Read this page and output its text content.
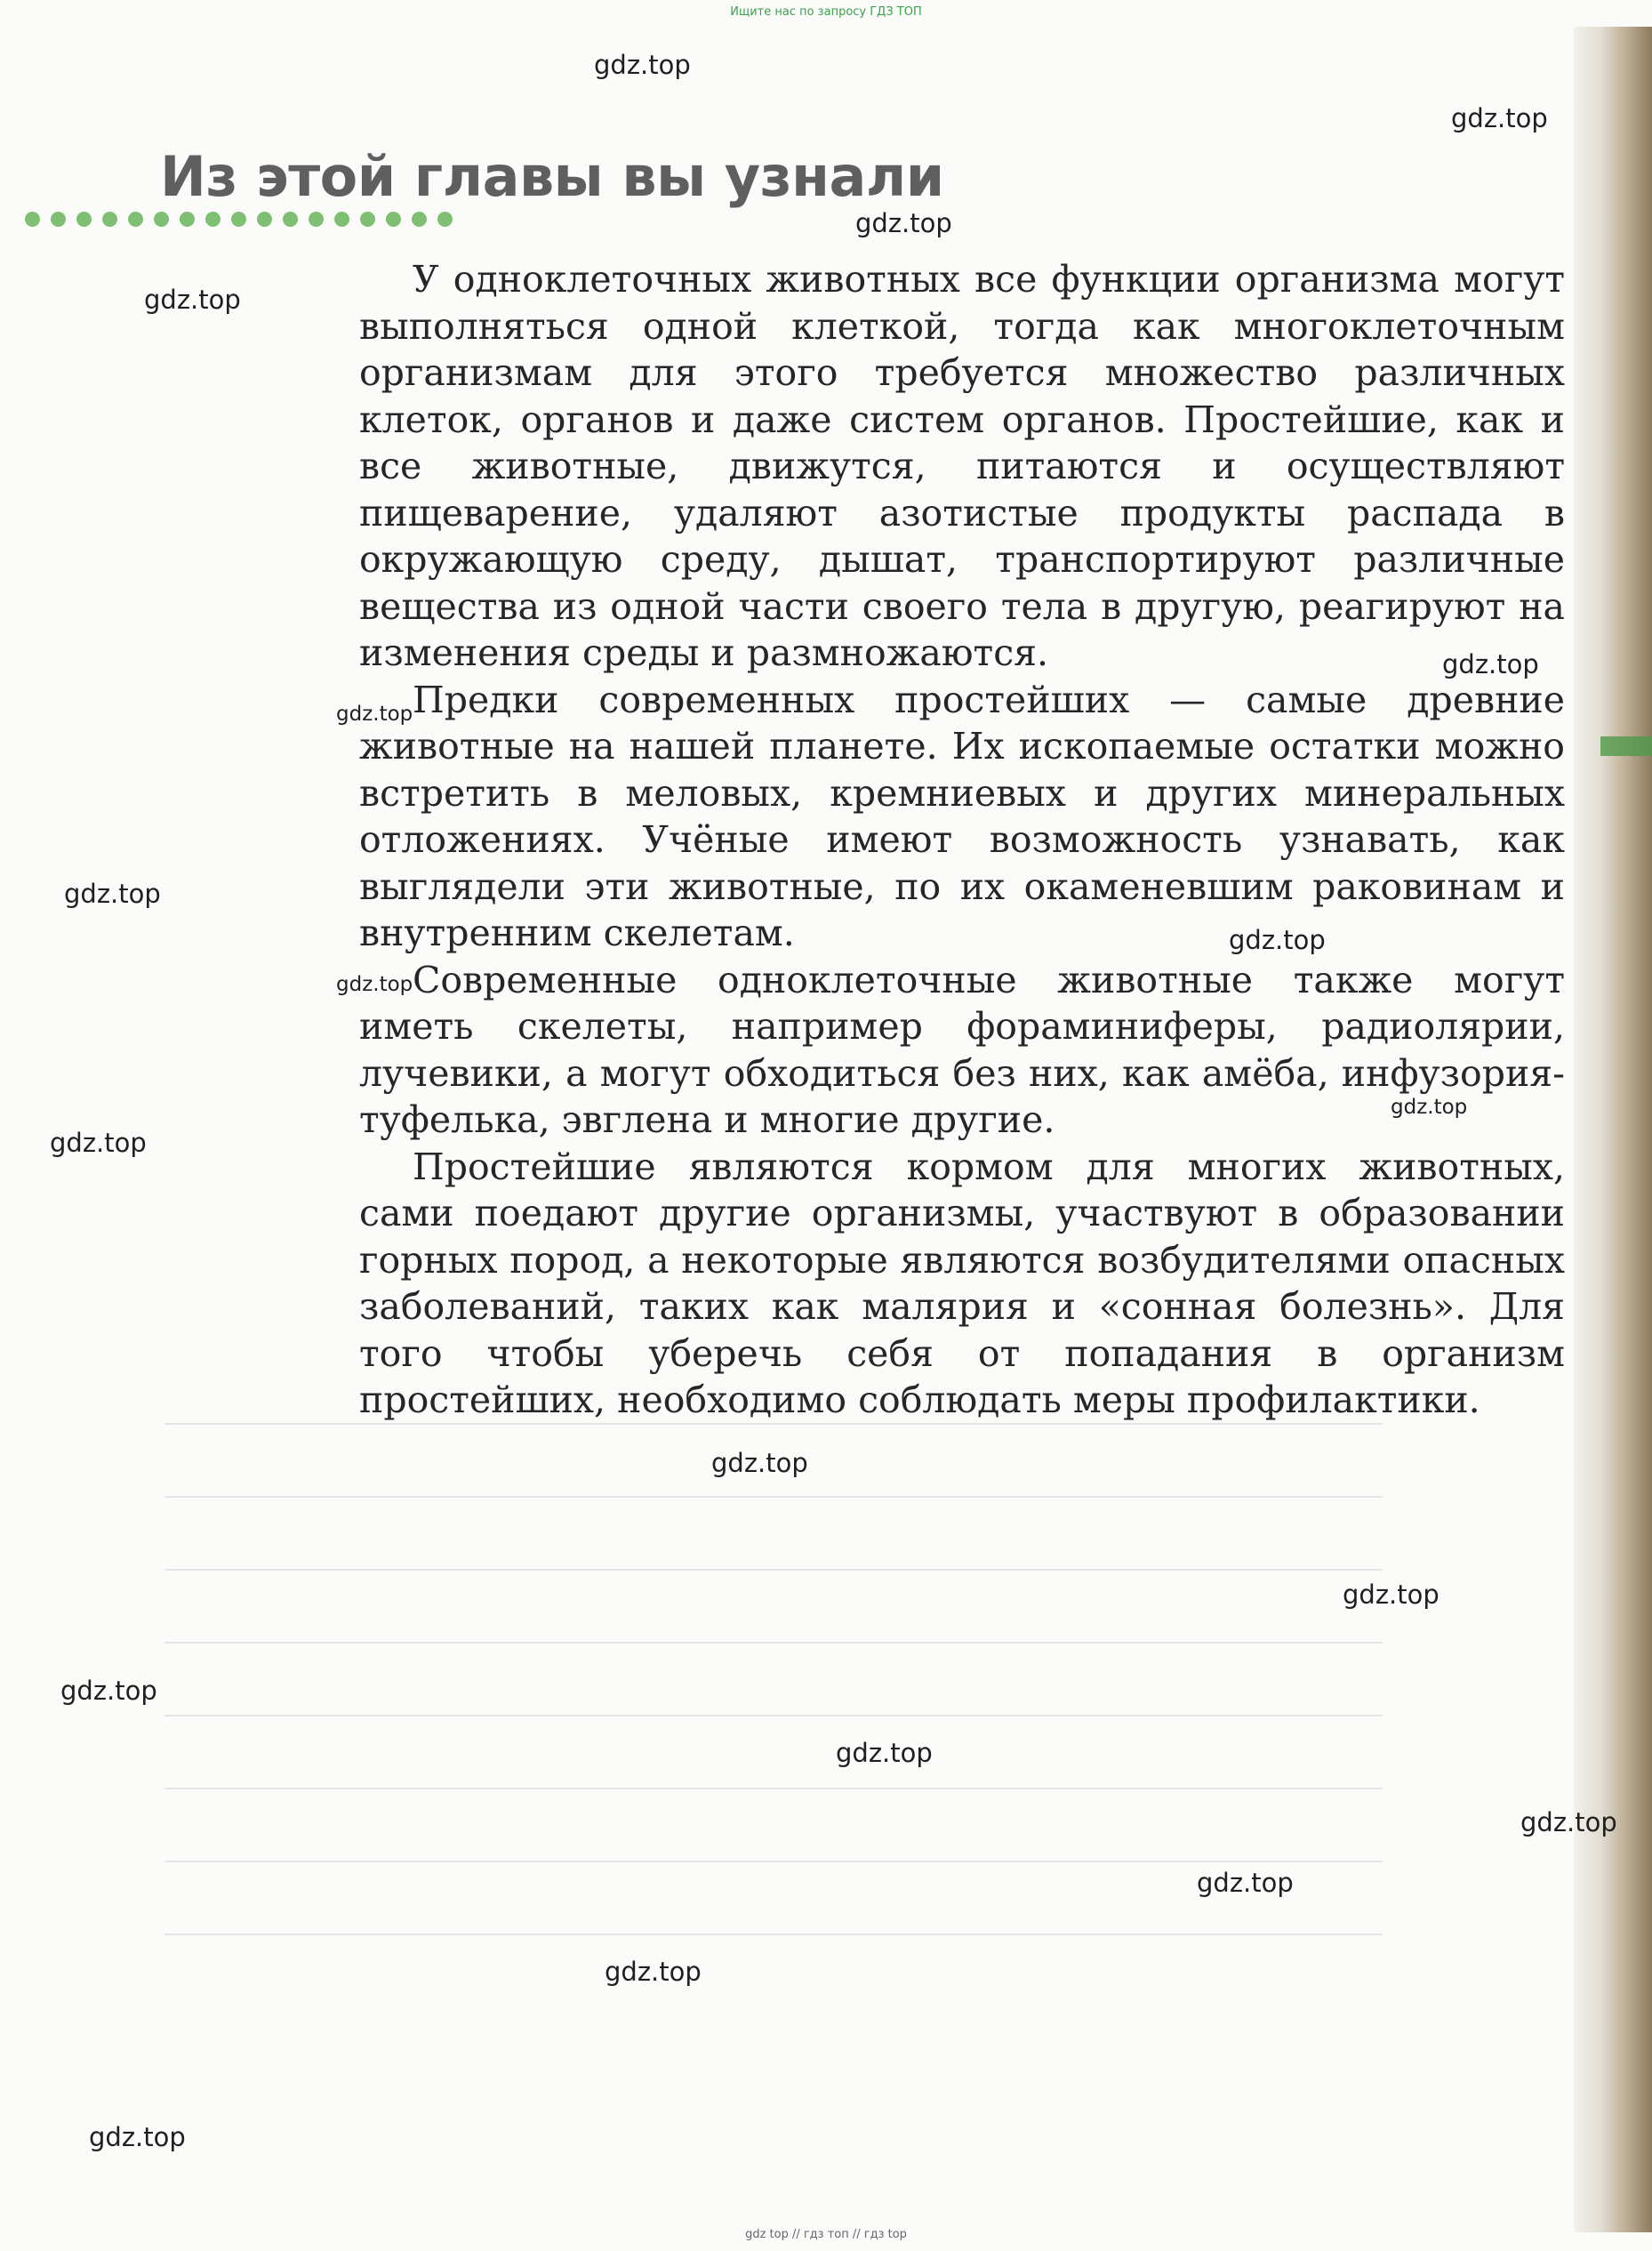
Ищите нас по запросу ГДЗ ТОП
Из этой главы вы узнали

У одноклеточных животных все функции организма могут выполняться одной клеткой, тогда как многоклеточным организмам для этого требуется множество различных клеток, органов и даже систем органов. Простейшие, как и все животные, движутся, питаются и осуществляют пищеварение, удаляют азотистые продукты распада в окружающую среду, дышат, транспортируют различные вещества из одной части своего тела в другую, реагируют на изменения среды и размножаются.

Предки современных простейших — самые древние животные на нашей планете. Их ископаемые остатки можно встретить в меловых, кремниевых и других минеральных отложениях. Учёные имеют возможность узнавать, как выглядели эти животные, по их окаменевшим раковинам и внутренним скелетам.

Современные одноклеточные животные также могут иметь скелеты, например фораминиферы, радиолярии, лучевики, а могут обходиться без них, как амёба, инфузория-туфелька, эвглена и многие другие.

Простейшие являются кормом для многих животных, сами поедают другие организмы, участвуют в образовании горных пород, а некоторые являются возбудителями опасных заболеваний, таких как малярия и «сонная болезнь». Для того чтобы уберечь себя от попадания в организм простейших, необходимо соблюдать меры профилактики.

gdz.top
gdz.top
gdz.top
gdz.top
gdz.top
gdz.top
gdz.top
gdz.top
gdz.top
gdz.top
gdz.top
gdz.top
gdz.top
gdz.top
gdz.top
gdz.top
gdz.top
gdz.top
gdz.top
gdz top // гдз топ // гдз top
